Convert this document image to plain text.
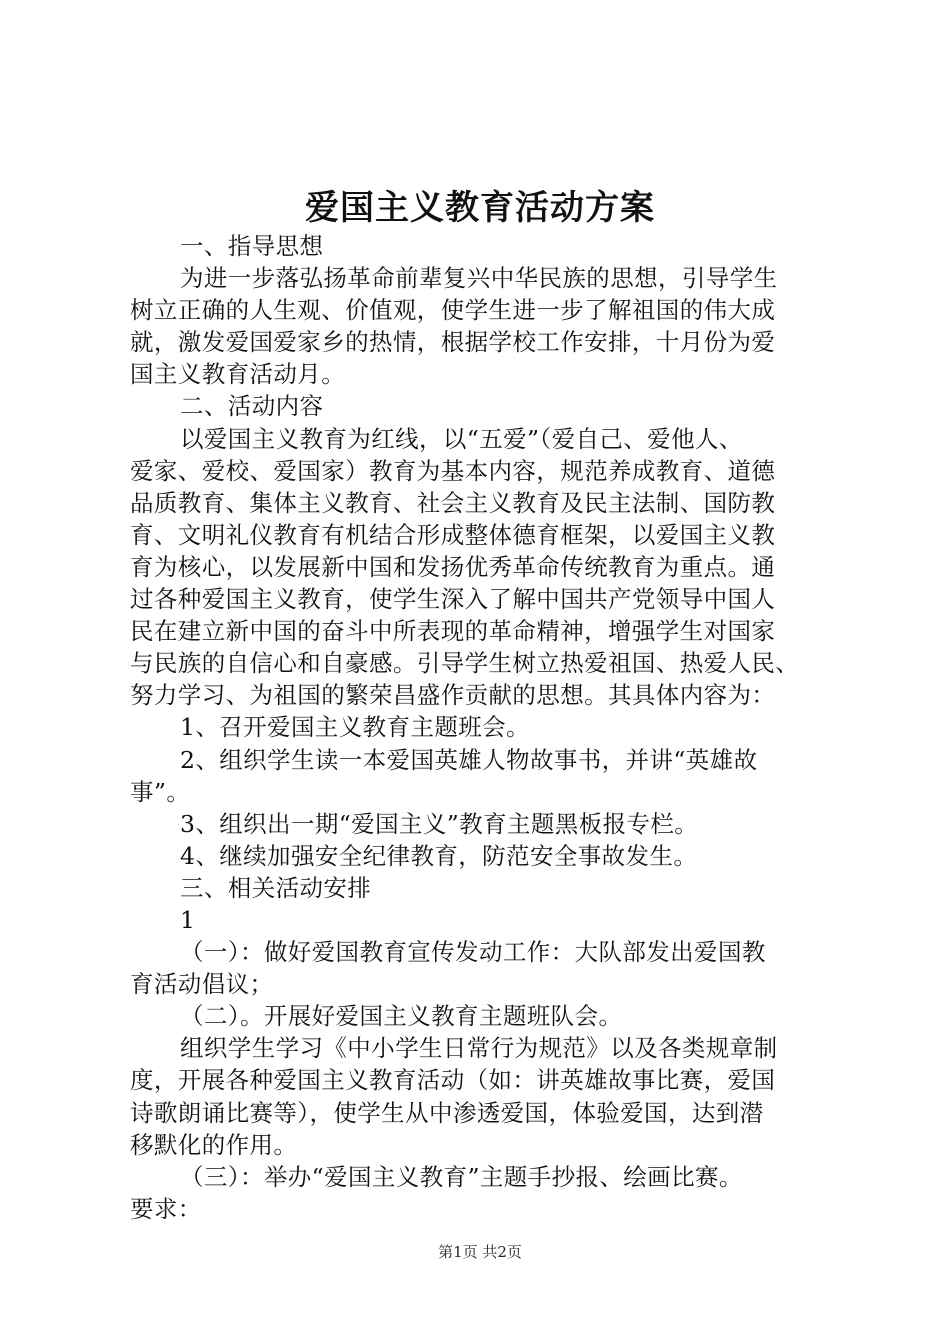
爱国主义教育活动方案
一、指导思想
为进一步落弘扬革命前辈复兴中华民族的思想，引导学生
树立正确的人生观、价值观，使学生进一步了解祖国的伟大成
就，激发爱国爱家乡的热情，根据学校工作安排，十月份为爱
国主义教育活动月。
二、活动内容
以爱国主义教育为红线，以“五爱”（爱自己、爱他人、
爱家、爱校、爱国家）教育为基本内容，规范养成教育、道德
品质教育、集体主义教育、社会主义教育及民主法制、国防教
育、文明礼仪教育有机结合形成整体德育框架，以爱国主义教
育为核心，以发展新中国和发扬优秀革命传统教育为重点。通
过各种爱国主义教育，使学生深入了解中国共产党领导中国人
民在建立新中国的奋斗中所表现的革命精神，增强学生对国家
与民族的自信心和自豪感。引导学生树立热爱祖国、热爱人民、
努力学习、为祖国的繁荣昌盛作贡献的思想。其具体内容为：
1、召开爱国主义教育主题班会。
2、组织学生读一本爱国英雄人物故事书，并讲“英雄故
事”。
3、组织出一期“爱国主义”教育主题黑板报专栏。
4、继续加强安全纪律教育，防范安全事故发生。
三、相关活动安排
1
（一）：做好爱国教育宣传发动工作：大队部发出爱国教
育活动倡议；
（二）。开展好爱国主义教育主题班队会。
组织学生学习《中小学生日常行为规范》以及各类规章制
度，开展各种爱国主义教育活动（如：讲英雄故事比赛，爱国
诗歌朗诵比赛等），使学生从中渗透爱国，体验爱国，达到潜
移默化的作用。
（三）：举办“爱国主义教育”主题手抄报、绘画比赛。
要求：
第1页 共2页
